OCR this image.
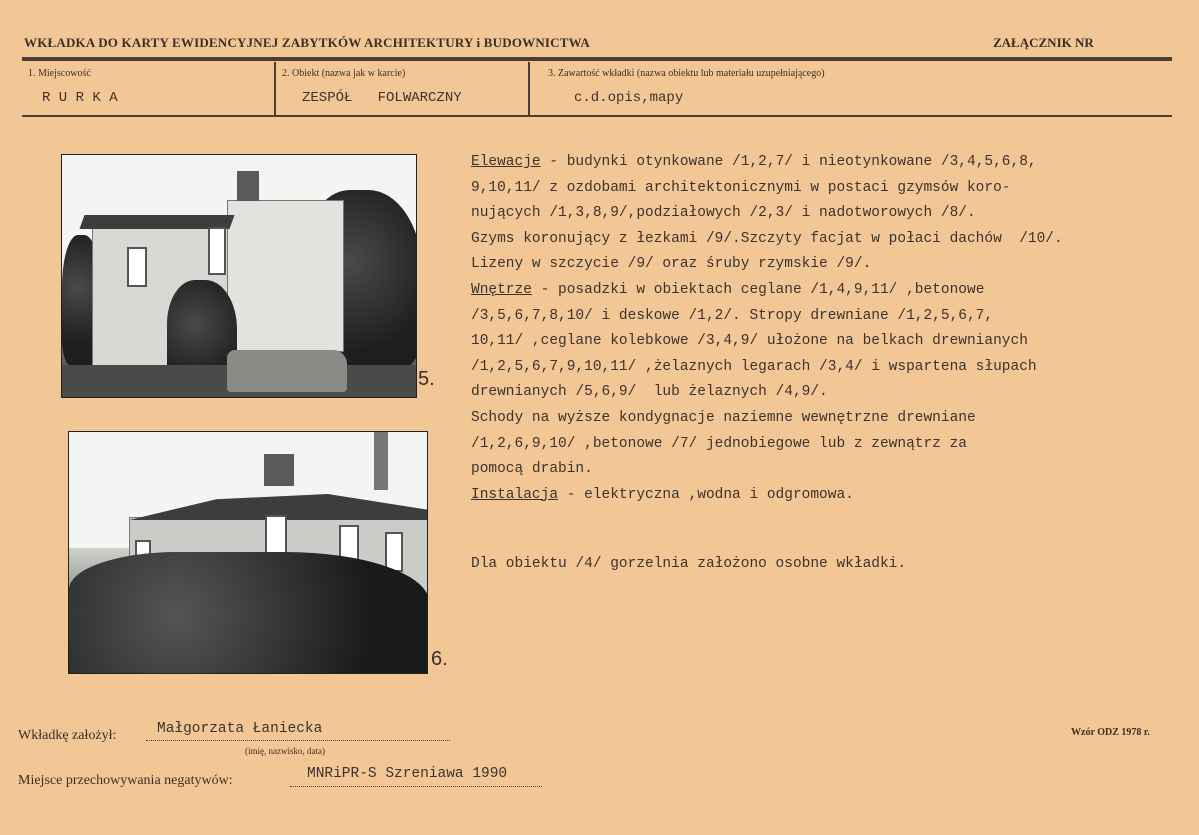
WKŁADKA DO KARTY EWIDENCYJNEJ ZABYTKÓW ARCHITEKTURY i BUDOWNICTWA	ZAŁĄCZNIK NR
1. Miejscowość
R U R K A
2. Obiekt (nazwa jak w karcie)
ZESPÓŁ   FOLWARCZNY
3. Zawartość wkładki (nazwa obiektu lub materiału uzupełniającego)
c.d.opis,mapy
5.
6.
Elewacje - budynki otynkowane /1,2,7/ i nieotynkowane /3,4,5,6,8,
9,10,11/ z ozdobami architektonicznymi w postaci gzymsów koro-
nujących /1,3,8,9/,podziałowych /2,3/ i nadotworowych /8/.
Gzyms koronujący z łezkami /9/.Szczyty facjat w połaci dachów  /10/.
Lizeny w szczycie /9/ oraz śruby rzymskie /9/.
Wnętrze - posadzki w obiektach ceglane /1,4,9,11/ ,betonowe
/3,5,6,7,8,10/ i deskowe /1,2/. Stropy drewniane /1,2,5,6,7,
10,11/ ,ceglane kolebkowe /3,4,9/ ułożone na belkach drewnianych
/1,2,5,6,7,9,10,11/ ,żelaznych legarach /3,4/ i wspartena słupach
drewnianych /5,6,9/  lub żelaznych /4,9/.
Schody na wyższe kondygnacje naziemne wewnętrzne drewniane
/1,2,6,9,10/ ,betonowe /7/ jednobiegowe lub z zewnątrz za
pomocą drabin.
Instalacja - elektryczna ,wodna i odgromowa.
Dla obiektu /4/ gorzelnia założono osobne wkładki.
Wkładkę założył:	Małgorzata Łaniecka
(imię, nazwisko, data)
Miejsce przechowywania negatywów:	MNRiPR-S Szreniawa 1990
Wzór ODZ 1978 r.
